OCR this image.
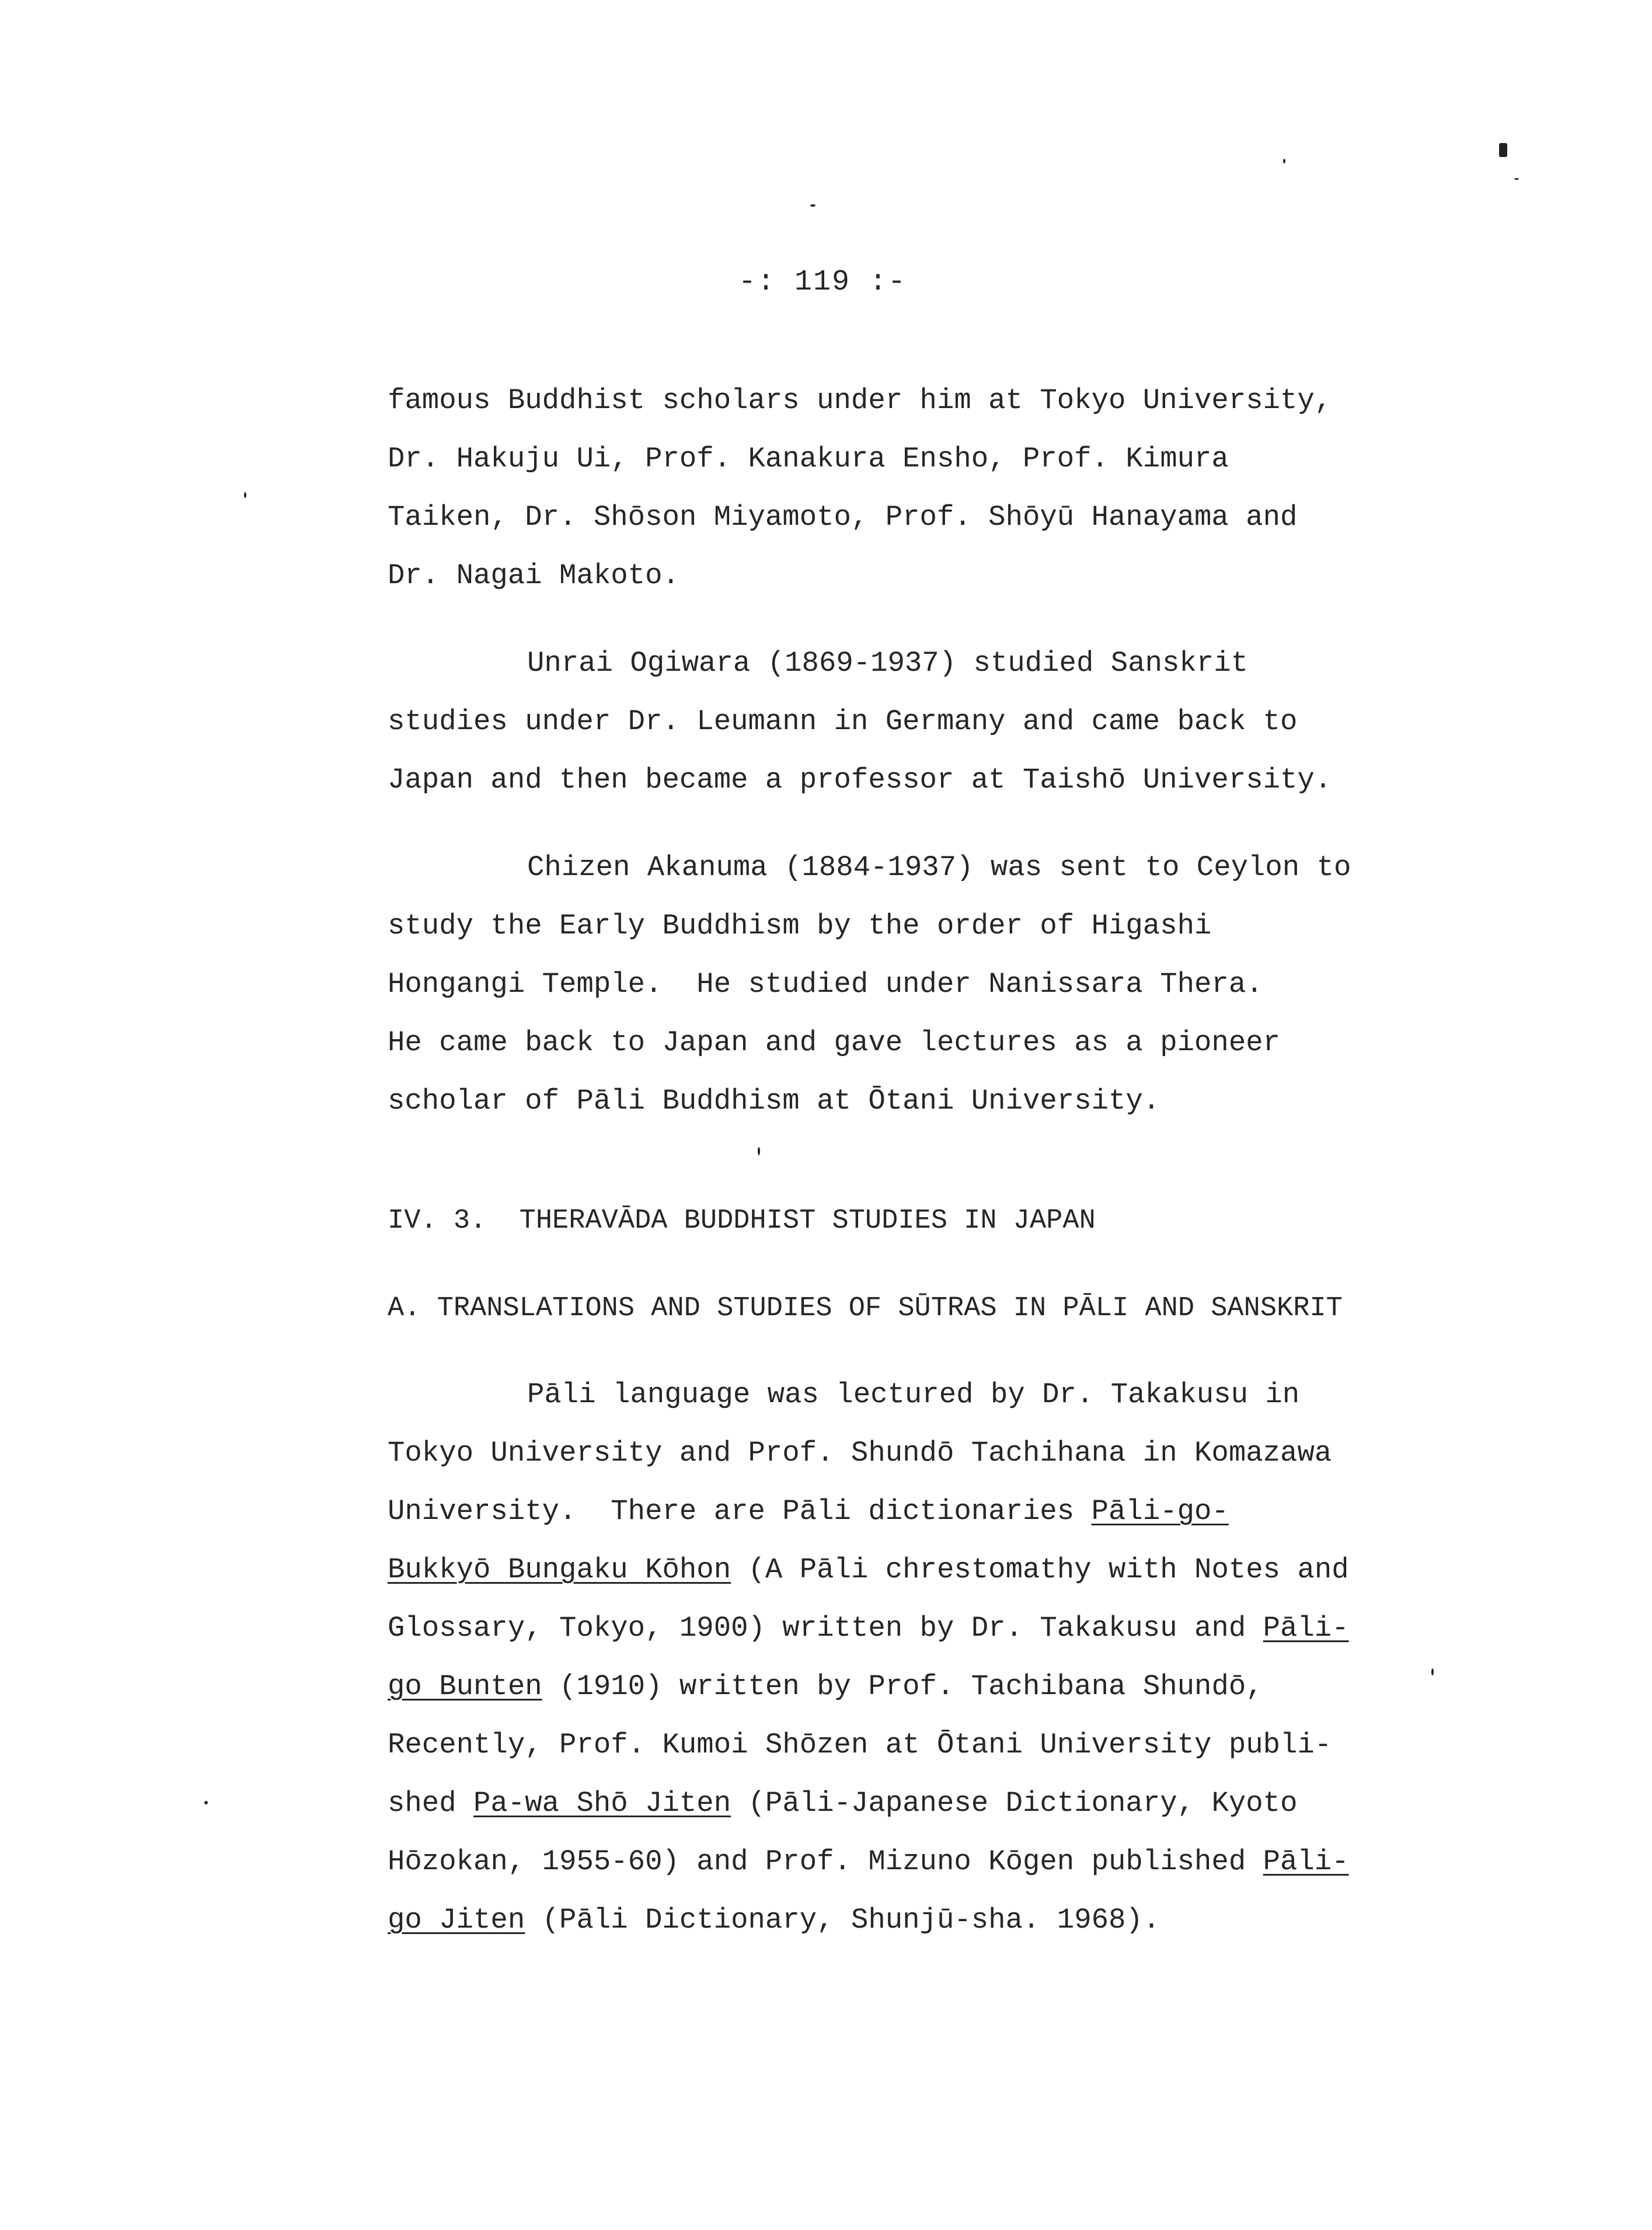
-: 119 :-
famous Buddhist scholars under him at Tokyo University,
Dr. Hakuju Ui, Prof. Kanakura Ensho, Prof. Kimura
Taiken, Dr. Shōson Miyamoto, Prof. Shōyū Hanayama and
Dr. Nagai Makoto.
Unrai Ogiwara (1869-1937) studied Sanskrit
studies under Dr. Leumann in Germany and came back to
Japan and then became a professor at Taishō University.
Chizen Akanuma (1884-1937) was sent to Ceylon to
study the Early Buddhism by the order of Higashi
Hongangi Temple.  He studied under Nanissara Thera.
He came back to Japan and gave lectures as a pioneer
scholar of Pāli Buddhism at Ōtani University.
IV. 3.  THERAVĀDA BUDDHIST STUDIES IN JAPAN
A. TRANSLATIONS AND STUDIES OF SŪTRAS IN PĀLI AND SANSKRIT
Pāli language was lectured by Dr. Takakusu in
Tokyo University and Prof. Shundō Tachihana in Komazawa
University.  There are Pāli dictionaries Pāli-go-
Bukkyō Bungaku Kōhon (A Pāli chrestomathy with Notes and
Glossary, Tokyo, 1900) written by Dr. Takakusu and Pāli-
go Bunten (1910) written by Prof. Tachibana Shundō,
Recently, Prof. Kumoi Shōzen at Ōtani University publi-
shed Pa-wa Shō Jiten (Pāli-Japanese Dictionary, Kyoto
Hōzokan, 1955-60) and Prof. Mizuno Kōgen published Pāli-
go Jiten (Pāli Dictionary, Shunjū-sha. 1968).
